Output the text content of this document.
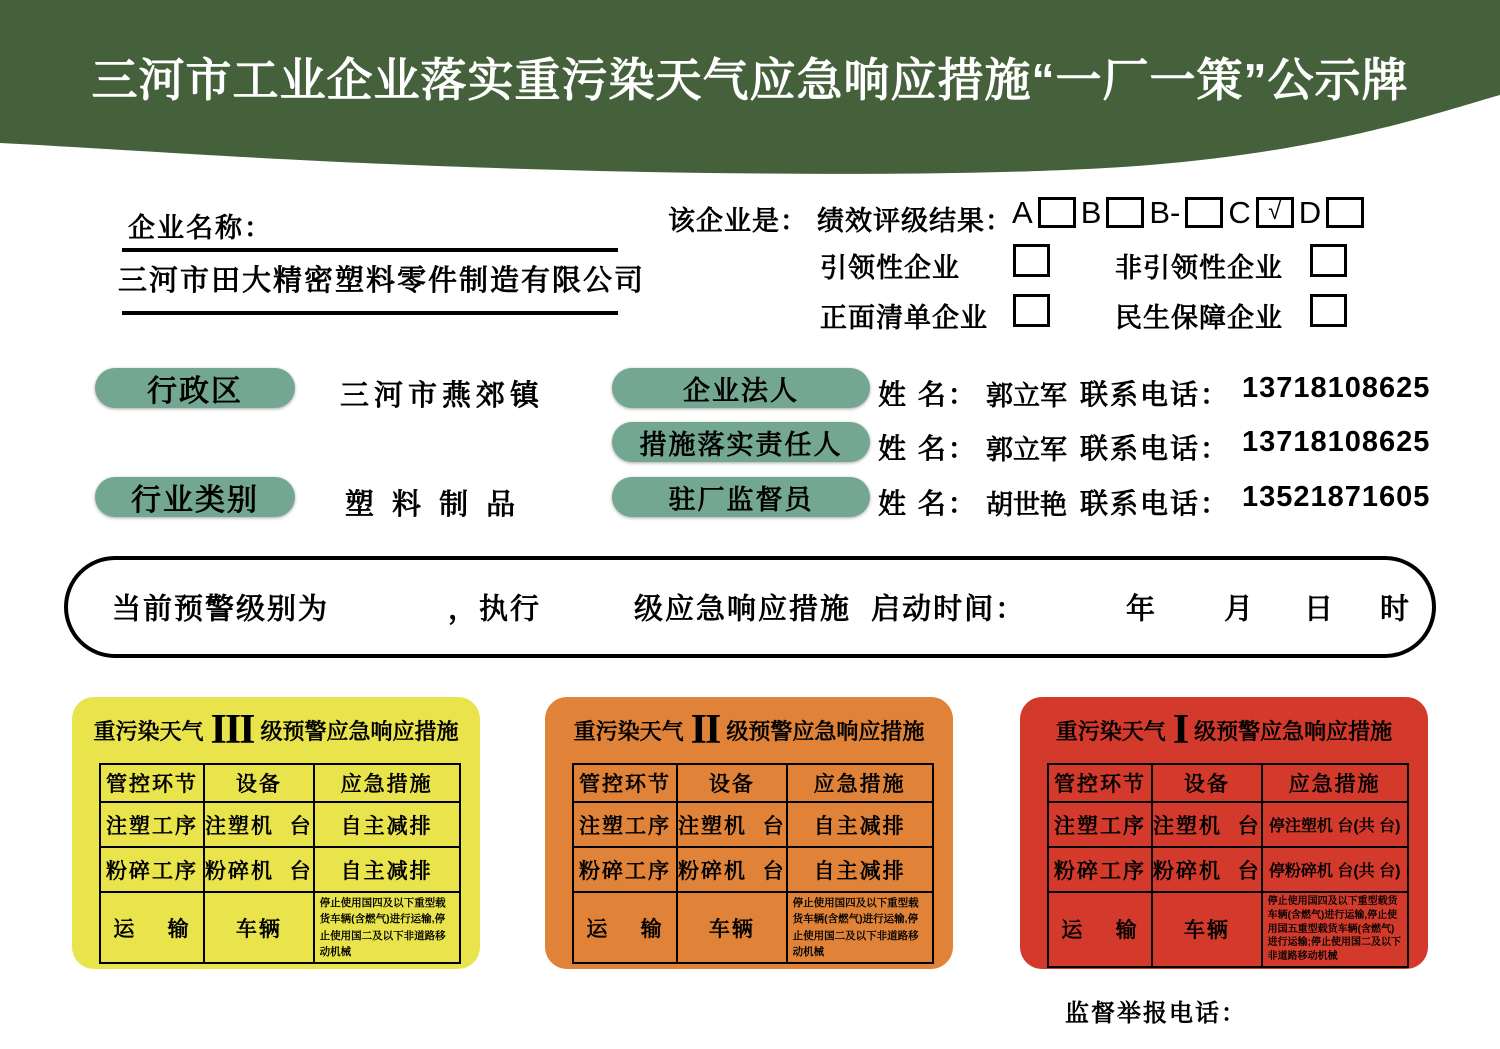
三河市工业企业落实重污染天气应急响应措施“一厂一策”公示牌
企业名称：
三河市田大精密塑料零件制造有限公司
该企业是： 绩效评级结果： A B B- C √ D
引领性企业	非引领性企业
正面清单企业	民生保障企业
行政区	三河市燕郊镇
行业类别	塑 料 制 品
企业法人	姓 名： 郭立军 联系电话： 13718108625
措施落实责任人	姓 名： 郭立军 联系电话： 13718108625
驻厂监督员	姓 名： 胡世艳 联系电话： 13521871605
当前预警级别为	，执行	级应急响应措施  启动时间：	年 月 日 时
重污染天气 III 级预警应急响应措施
管控环节	设备	应急措施
注塑工序	注塑机  台	自主减排
粉碎工序	粉碎机  台	自主减排
运    输	车辆	停止使用国四及以下重型载货车辆(含燃气)进行运输,停止使用国二及以下非道路移动机械
重污染天气 II 级预警应急响应措施
管控环节	设备	应急措施
注塑工序	注塑机  台	自主减排
粉碎工序	粉碎机  台	自主减排
运    输	车辆	停止使用国四及以下重型载货车辆(含燃气)进行运输,停止使用国二及以下非道路移动机械
重污染天气 I 级预警应急响应措施
管控环节	设备	应急措施
注塑工序	注塑机  台	停注塑机 台(共 台)
粉碎工序	粉碎机  台	停粉碎机 台(共 台)
运    输	车辆	停止使用国四及以下重型载货车辆(含燃气)进行运输,停止使用国五重型载货车辆(含燃气)进行运输;停止使用国二及以下非道路移动机械
监督举报电话：
